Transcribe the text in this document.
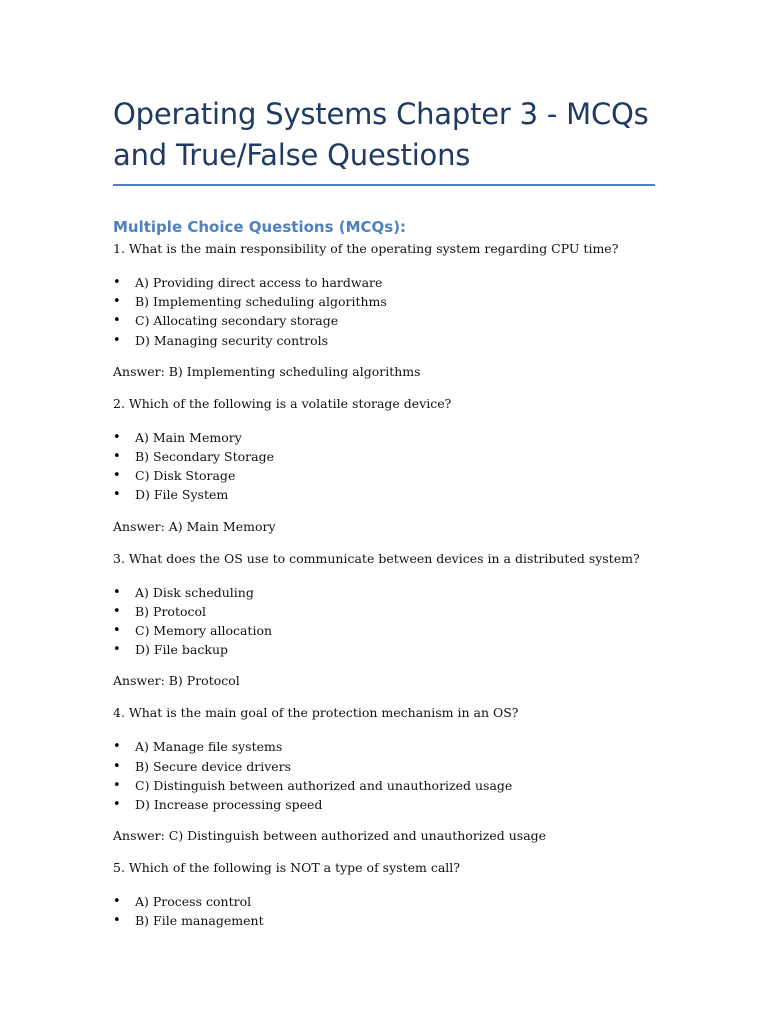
Operating Systems Chapter 3 - MCQs
and True/False Questions
Multiple Choice Questions (MCQs):

1. What is the main responsibility of the operating system regarding CPU time?

• A) Providing direct access to hardware
• B) Implementing scheduling algorithms
• C) Allocating secondary storage
• D) Managing security controls

Answer: B) Implementing scheduling algorithms

2. Which of the following is a volatile storage device?

• A) Main Memory
• B) Secondary Storage
• C) Disk Storage
• D) File System

Answer: A) Main Memory

3. What does the OS use to communicate between devices in a distributed system?

• A) Disk scheduling
• B) Protocol
• C) Memory allocation
• D) File backup

Answer: B) Protocol

4. What is the main goal of the protection mechanism in an OS?

• A) Manage file systems
• B) Secure device drivers
• C) Distinguish between authorized and unauthorized usage
• D) Increase processing speed

Answer: C) Distinguish between authorized and unauthorized usage

5. Which of the following is NOT a type of system call?

• A) Process control
• B) File management
